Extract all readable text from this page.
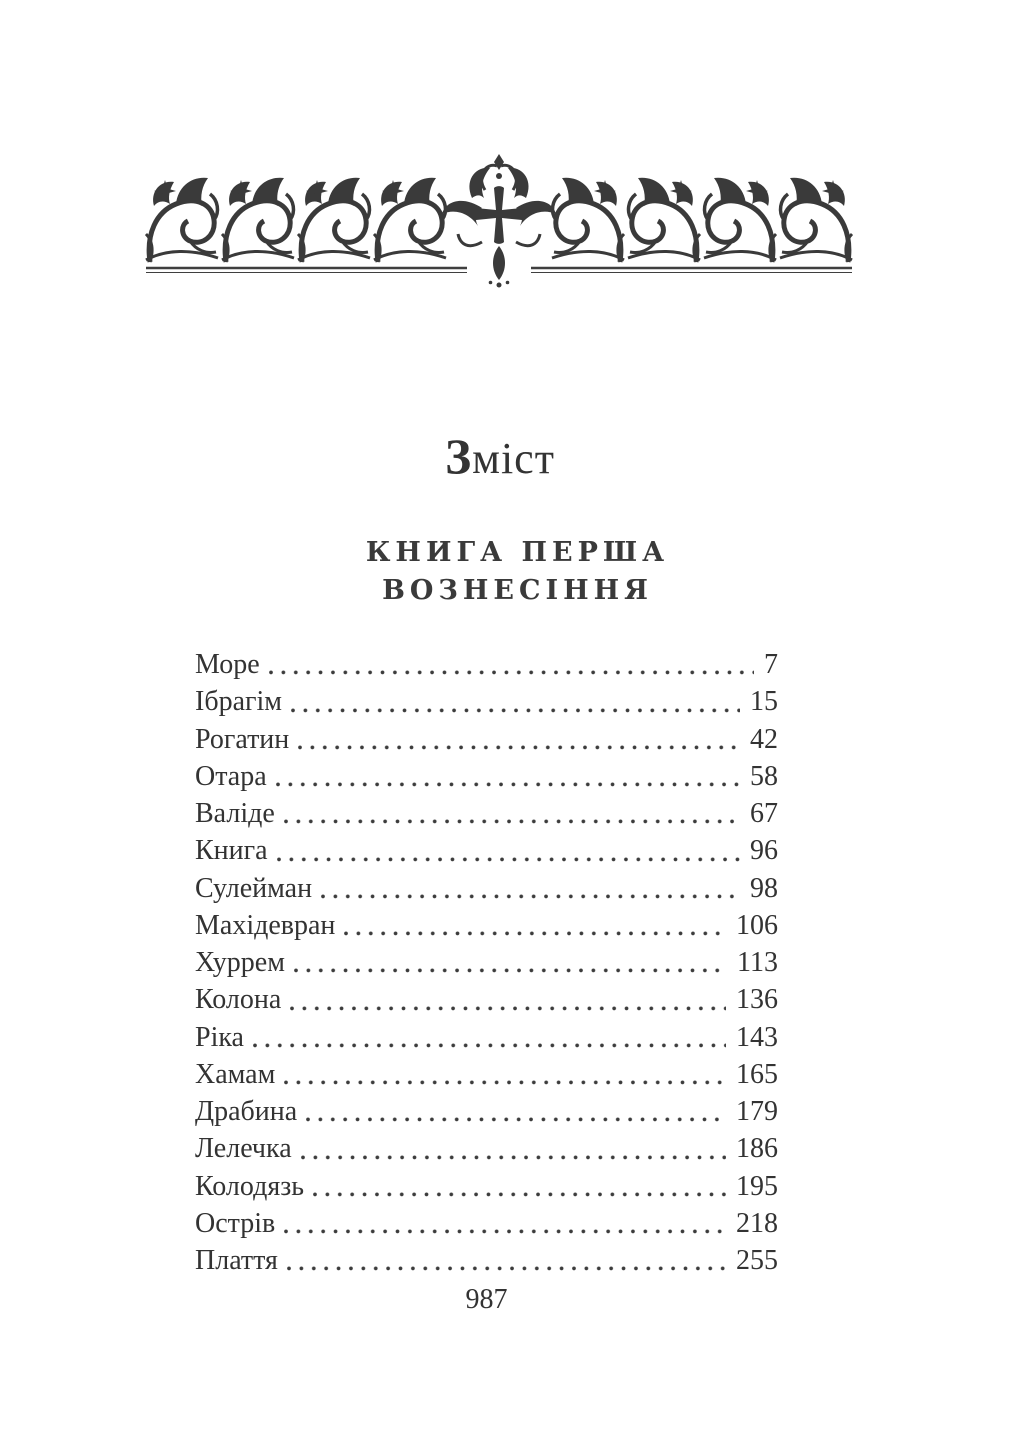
Зміст
КНИГА ПЕРША
ВОЗНЕСІННЯ
Море	7
Ібрагім	15
Рогатин	42
Отара	58
Валіде	67
Книга	96
Сулейман	98
Махідевран	106
Хуррем	113
Колона	136
Ріка	143
Хамам	165
Драбина	179
Лелечка	186
Колодязь	195
Острів	218
Плаття	255
987
